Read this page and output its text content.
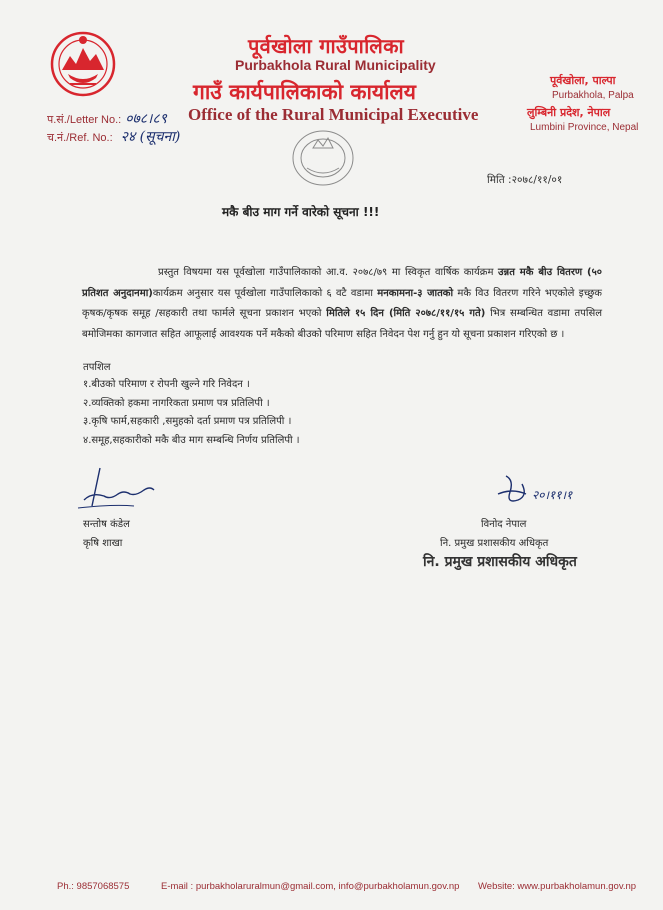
पूर्वखोला गाउँपालिका
Purbakhola Rural Municipality
गाउँ कार्यपालिकाको कार्यालय
Office of the Rural Municipal Executive
पूर्वखोला, पाल्पा
Purbakhola, Palpa
लुम्बिनी प्रदेश, नेपाल
Lumbini Province, Nepal
प.सं./Letter No.: ०७८।८९
च.नं./Ref. No.: २४ (सूचना)
मिति :२०७८/११/०१
मकै बीउ माग गर्ने वारेको सूचना !!!
प्रस्तुत विषयमा यस पूर्वखोला गाउँपालिकाको आ.व. २०७८/७९ मा स्विकृत वार्षिक कार्यक्रम उन्नत मकै बीउ वितरण (५० प्रतिशत अनुदानमा)कार्यक्रम अनुसार यस पूर्वखोला गाउँपालिकाको ६ वटै वडामा मनकामना-३ जातको मकै विउ वितरण गरिने भएकोले इच्छुक कृषक/कृषक समूह /सहकारी तथा फार्मले सूचना प्रकाशन भएको मितिले १५ दिन (मिति २०७८/११/१५ गते) भित्र सम्बन्धित वडामा तपसिल बमोजिमका कागजात सहित आफूलाई आवश्यक पर्ने मकैको बीउको परिमाण सहित निवेदन पेश गर्नु हुन यो सूचना प्रकाशन गरिएको छ ।
तपशिल
१.बीउको परिमाण र रोपनी खुल्ने गरि निवेदन ।
२.व्यक्तिको हकमा नागरिकता प्रमाण पत्र प्रतिलिपी ।
३.कृषि फार्म,सहकारी ,समुहको दर्ता प्रमाण पत्र प्रतिलिपी ।
४.समूह,सहकारीको मकै बीउ माग सम्बन्धि निर्णय प्रतिलिपी ।
सन्तोष कंडेल
कृषि शाखा
२०।११।१
विनोद नेपाल
नि. प्रमुख प्रशासकीय अधिकृत
नि. प्रमुख प्रशासकीय अधिकृत
Ph.: 9857068575	E-mail : purbakholaruralmun@gmail.com, info@purbakholamun.gov.np Website: www.purbakholamun.gov.np
